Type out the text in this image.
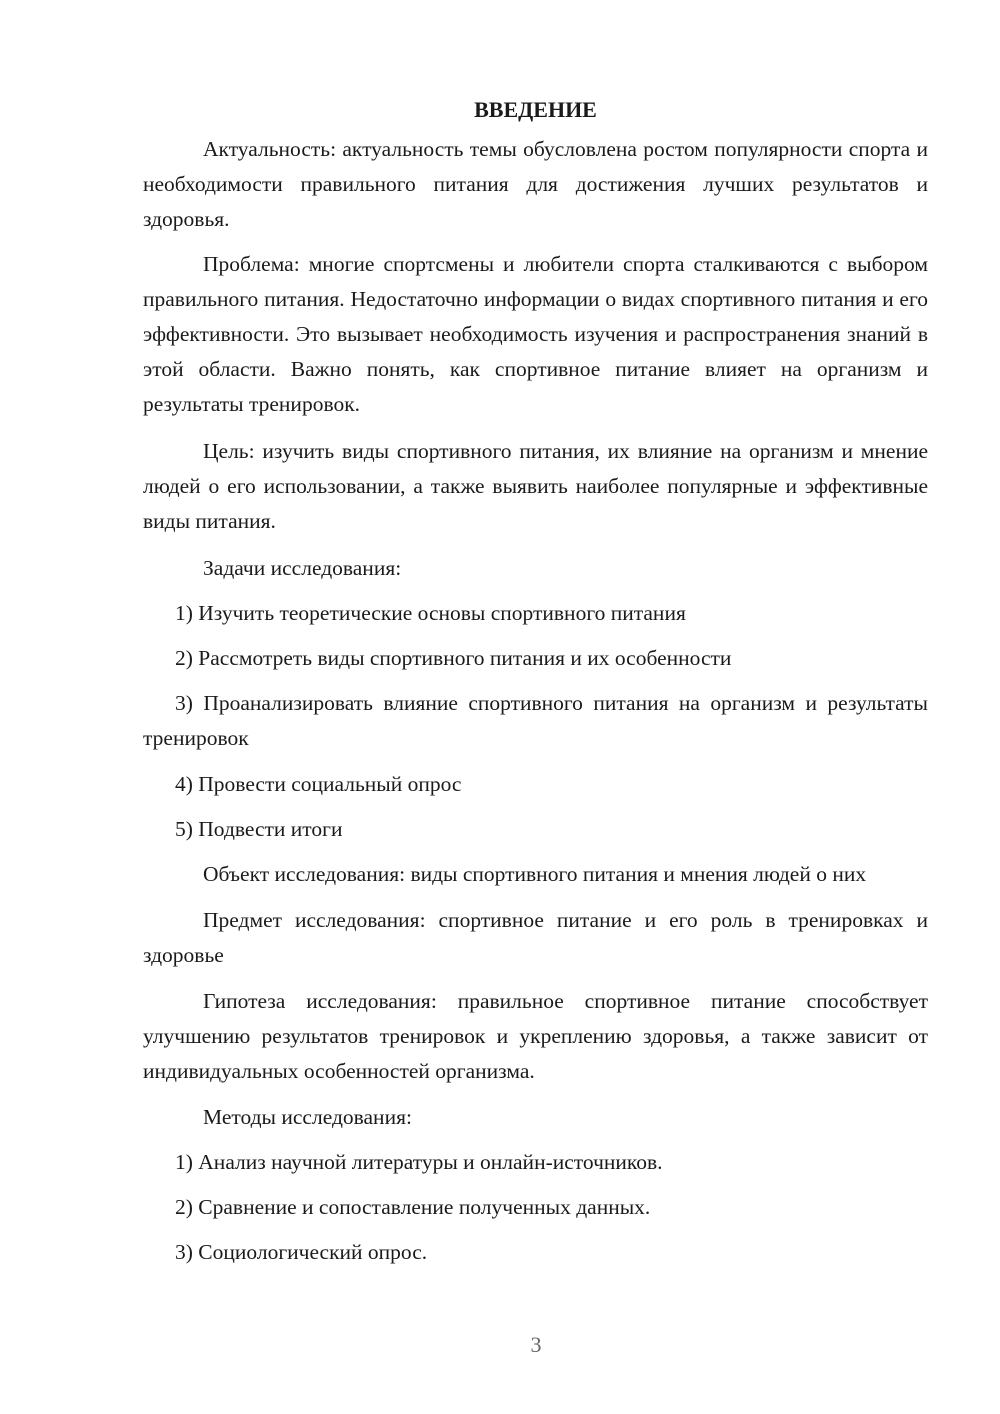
ВВЕДЕНИЕ

Актуальность: актуальность темы обусловлена ростом популярности спорта и необходимости правильного питания для достижения лучших результатов и здоровья.

Проблема: многие спортсмены и любители спорта сталкиваются с выбором правильного питания. Недостаточно информации о видах спортивного питания и его эффективности. Это вызывает необходимость изучения и распространения знаний в этой области. Важно понять, как спортивное питание влияет на организм и результаты тренировок.

Цель: изучить виды спортивного питания, их влияние на организм и мнение людей о его использовании, а также выявить наиболее популярные и эффективные виды питания.

Задачи исследования:

1) Изучить теоретические основы спортивного питания

2) Рассмотреть виды спортивного питания и их особенности

3) Проанализировать влияние спортивного питания на организм и результаты тренировок

4) Провести социальный опрос

5) Подвести итоги

Объект исследования: виды спортивного питания и мнения людей о них

Предмет исследования: спортивное питание и его роль в тренировках и здоровье

Гипотеза исследования: правильное спортивное питание способствует улучшению результатов тренировок и укреплению здоровья, а также зависит от индивидуальных особенностей организма.

Методы исследования:

1) Анализ научной литературы и онлайн-источников.

2) Сравнение и сопоставление полученных данных.

3) Социологический опрос.

3
